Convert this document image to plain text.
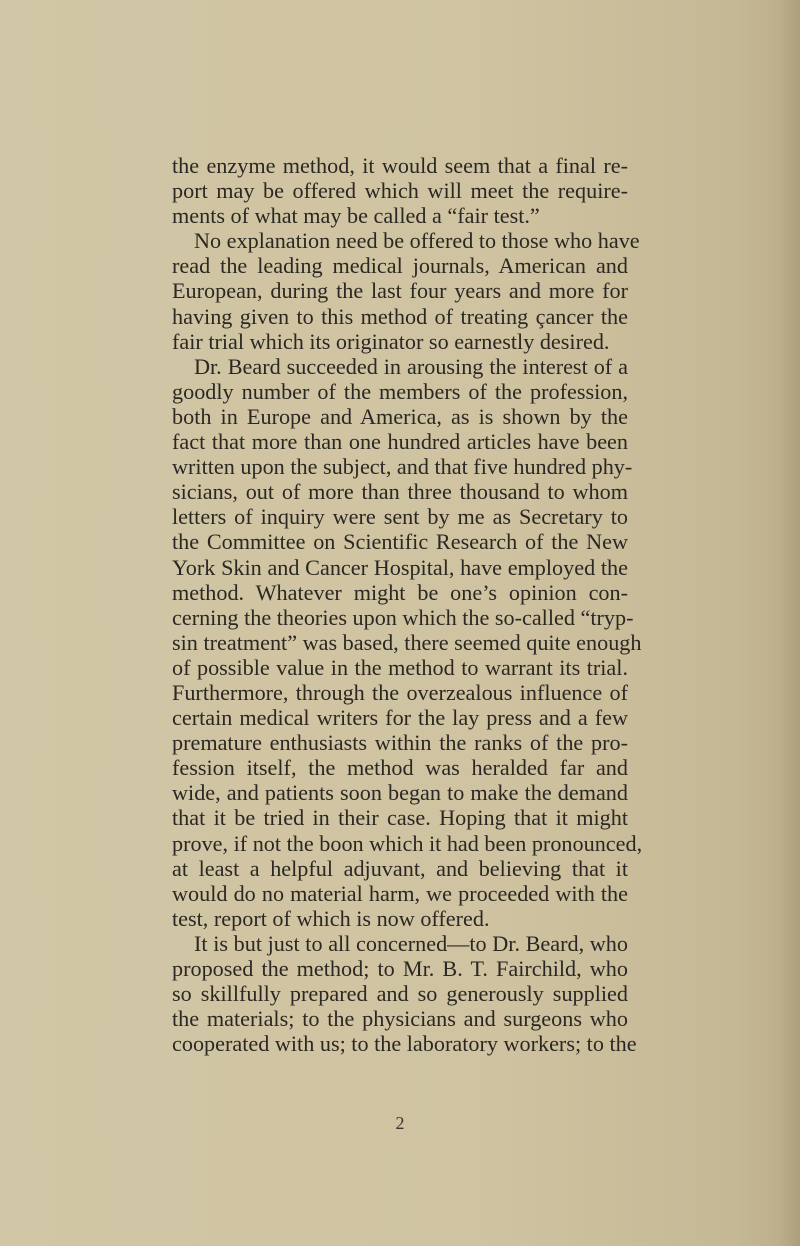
the enzyme method, it would seem that a final re-
port may be offered which will meet the require-
ments of what may be called a “fair test.”
No explanation need be offered to those who have
read the leading medical journals, American and
European, during the last four years and more for
having given to this method of treating çancer the
fair trial which its originator so earnestly desired.
Dr. Beard succeeded in arousing the interest of a
goodly number of the members of the profession,
both in Europe and America, as is shown by the
fact that more than one hundred articles have been
written upon the subject, and that five hundred phy-
sicians, out of more than three thousand to whom
letters of inquiry were sent by me as Secretary to
the Committee on Scientific Research of the New
York Skin and Cancer Hospital, have employed the
method. Whatever might be one’s opinion con-
cerning the theories upon which the so-called “tryp-
sin treatment” was based, there seemed quite enough
of possible value in the method to warrant its trial.
Furthermore, through the overzealous influence of
certain medical writers for the lay press and a few
premature enthusiasts within the ranks of the pro-
fession itself, the method was heralded far and
wide, and patients soon began to make the demand
that it be tried in their case. Hoping that it might
prove, if not the boon which it had been pronounced,
at least a helpful adjuvant, and believing that it
would do no material harm, we proceeded with the
test, report of which is now offered.
It is but just to all concerned—to Dr. Beard, who
proposed the method; to Mr. B. T. Fairchild, who
so skillfully prepared and so generously supplied
the materials; to the physicians and surgeons who
cooperated with us; to the laboratory workers; to the
2
